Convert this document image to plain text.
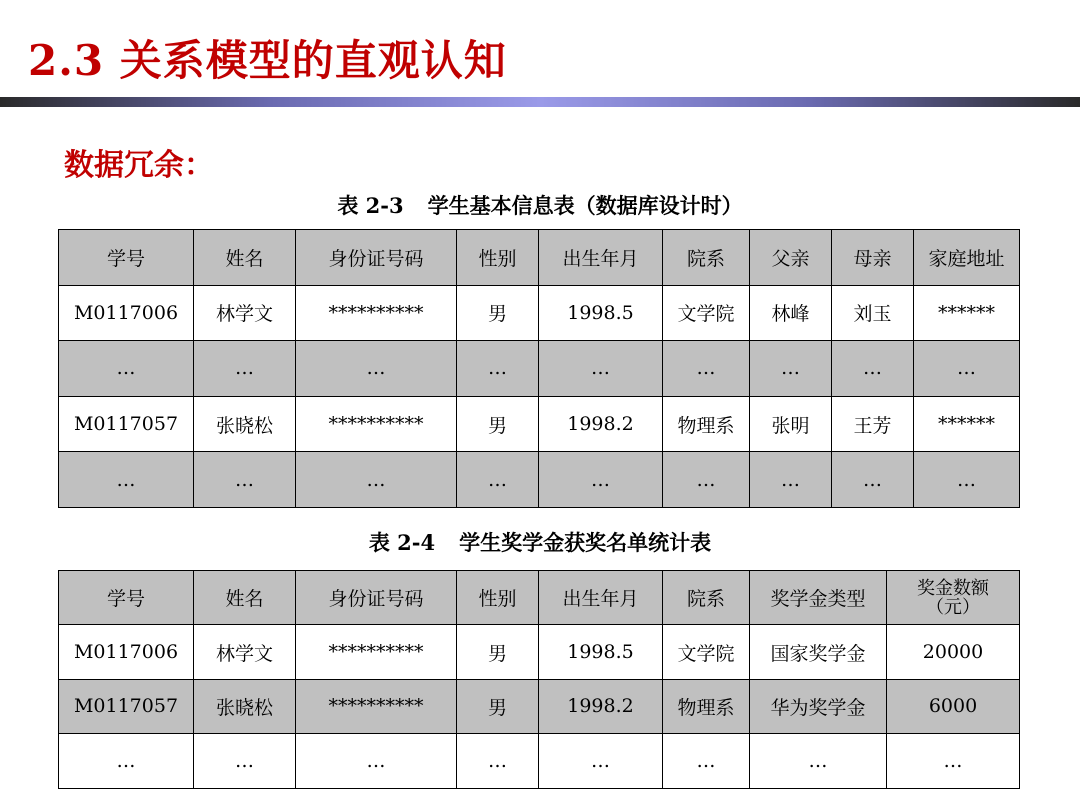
2.3 关系模型的直观认知
数据冗余：
表 2-3 学生基本信息表（数据库设计时）
学号	姓名	身份证号码	性别	出生年月	院系	父亲	母亲	家庭地址
M0117006	林学文	**********	男	1998.5	文学院	林峰	刘玉	******
…	…	…	…	…	…	…	…	…
M0117057	张晓松	**********	男	1998.2	物理系	张明	王芳	******
…	…	…	…	…	…	…	…	…
表 2-4 学生奖学金获奖名单统计表
学号	姓名	身份证号码	性别	出生年月	院系	奖学金类型	奖金数额
（元）

M0117006	林学文	**********	男	1998.5	文学院	国家奖学金	20000
M0117057	张晓松	**********	男	1998.2	物理系	华为奖学金	6000
…	…	…	…	…	…	…	…
